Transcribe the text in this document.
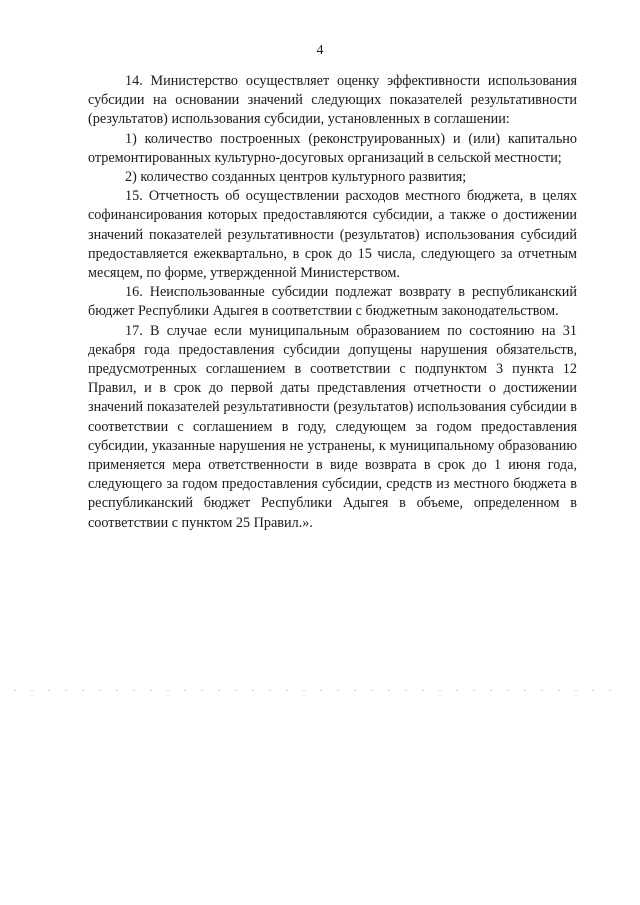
4

14. Министерство осуществляет оценку эффективности использования субсидии на основании значений следующих показателей результативности (результатов) использования субсидии, установленных в соглашении:

1) количество построенных (реконструированных) и (или) капитально отремонтированных культурно-досуговых организаций в сельской местности;

2) количество созданных центров культурного развития;

15. Отчетность об осуществлении расходов местного бюджета, в целях софинансирования которых предоставляются субсидии, а также о достижении значений показателей результативности (результатов) использования субсидий предоставляется ежеквартально, в срок до 15 числа, следующего за отчетным месяцем, по форме, утвержденной Министерством.

16. Неиспользованные субсидии подлежат возврату в республиканский бюджет Республики Адыгея в соответствии с бюджетным законодательством.

17. В случае если муниципальным образованием по состоянию на 31 декабря года предоставления субсидии допущены нарушения обязательств, предусмотренных соглашением в соответствии с подпунктом 3 пункта 12 Правил, и в срок до первой даты представления отчетности о достижении значений показателей результативности (результатов) использования субсидии в соответствии с соглашением в году, следующем за годом предоставления субсидии, указанные нарушения не устранены, к муниципальному образованию применяется мера ответственности в виде возврата в срок до 1 июня года, следующего за годом предоставления субсидии, средств из местного бюджета в республиканский бюджет Республики Адыгея в объеме, определенном в соответствии с пунктом 25 Правил.».
